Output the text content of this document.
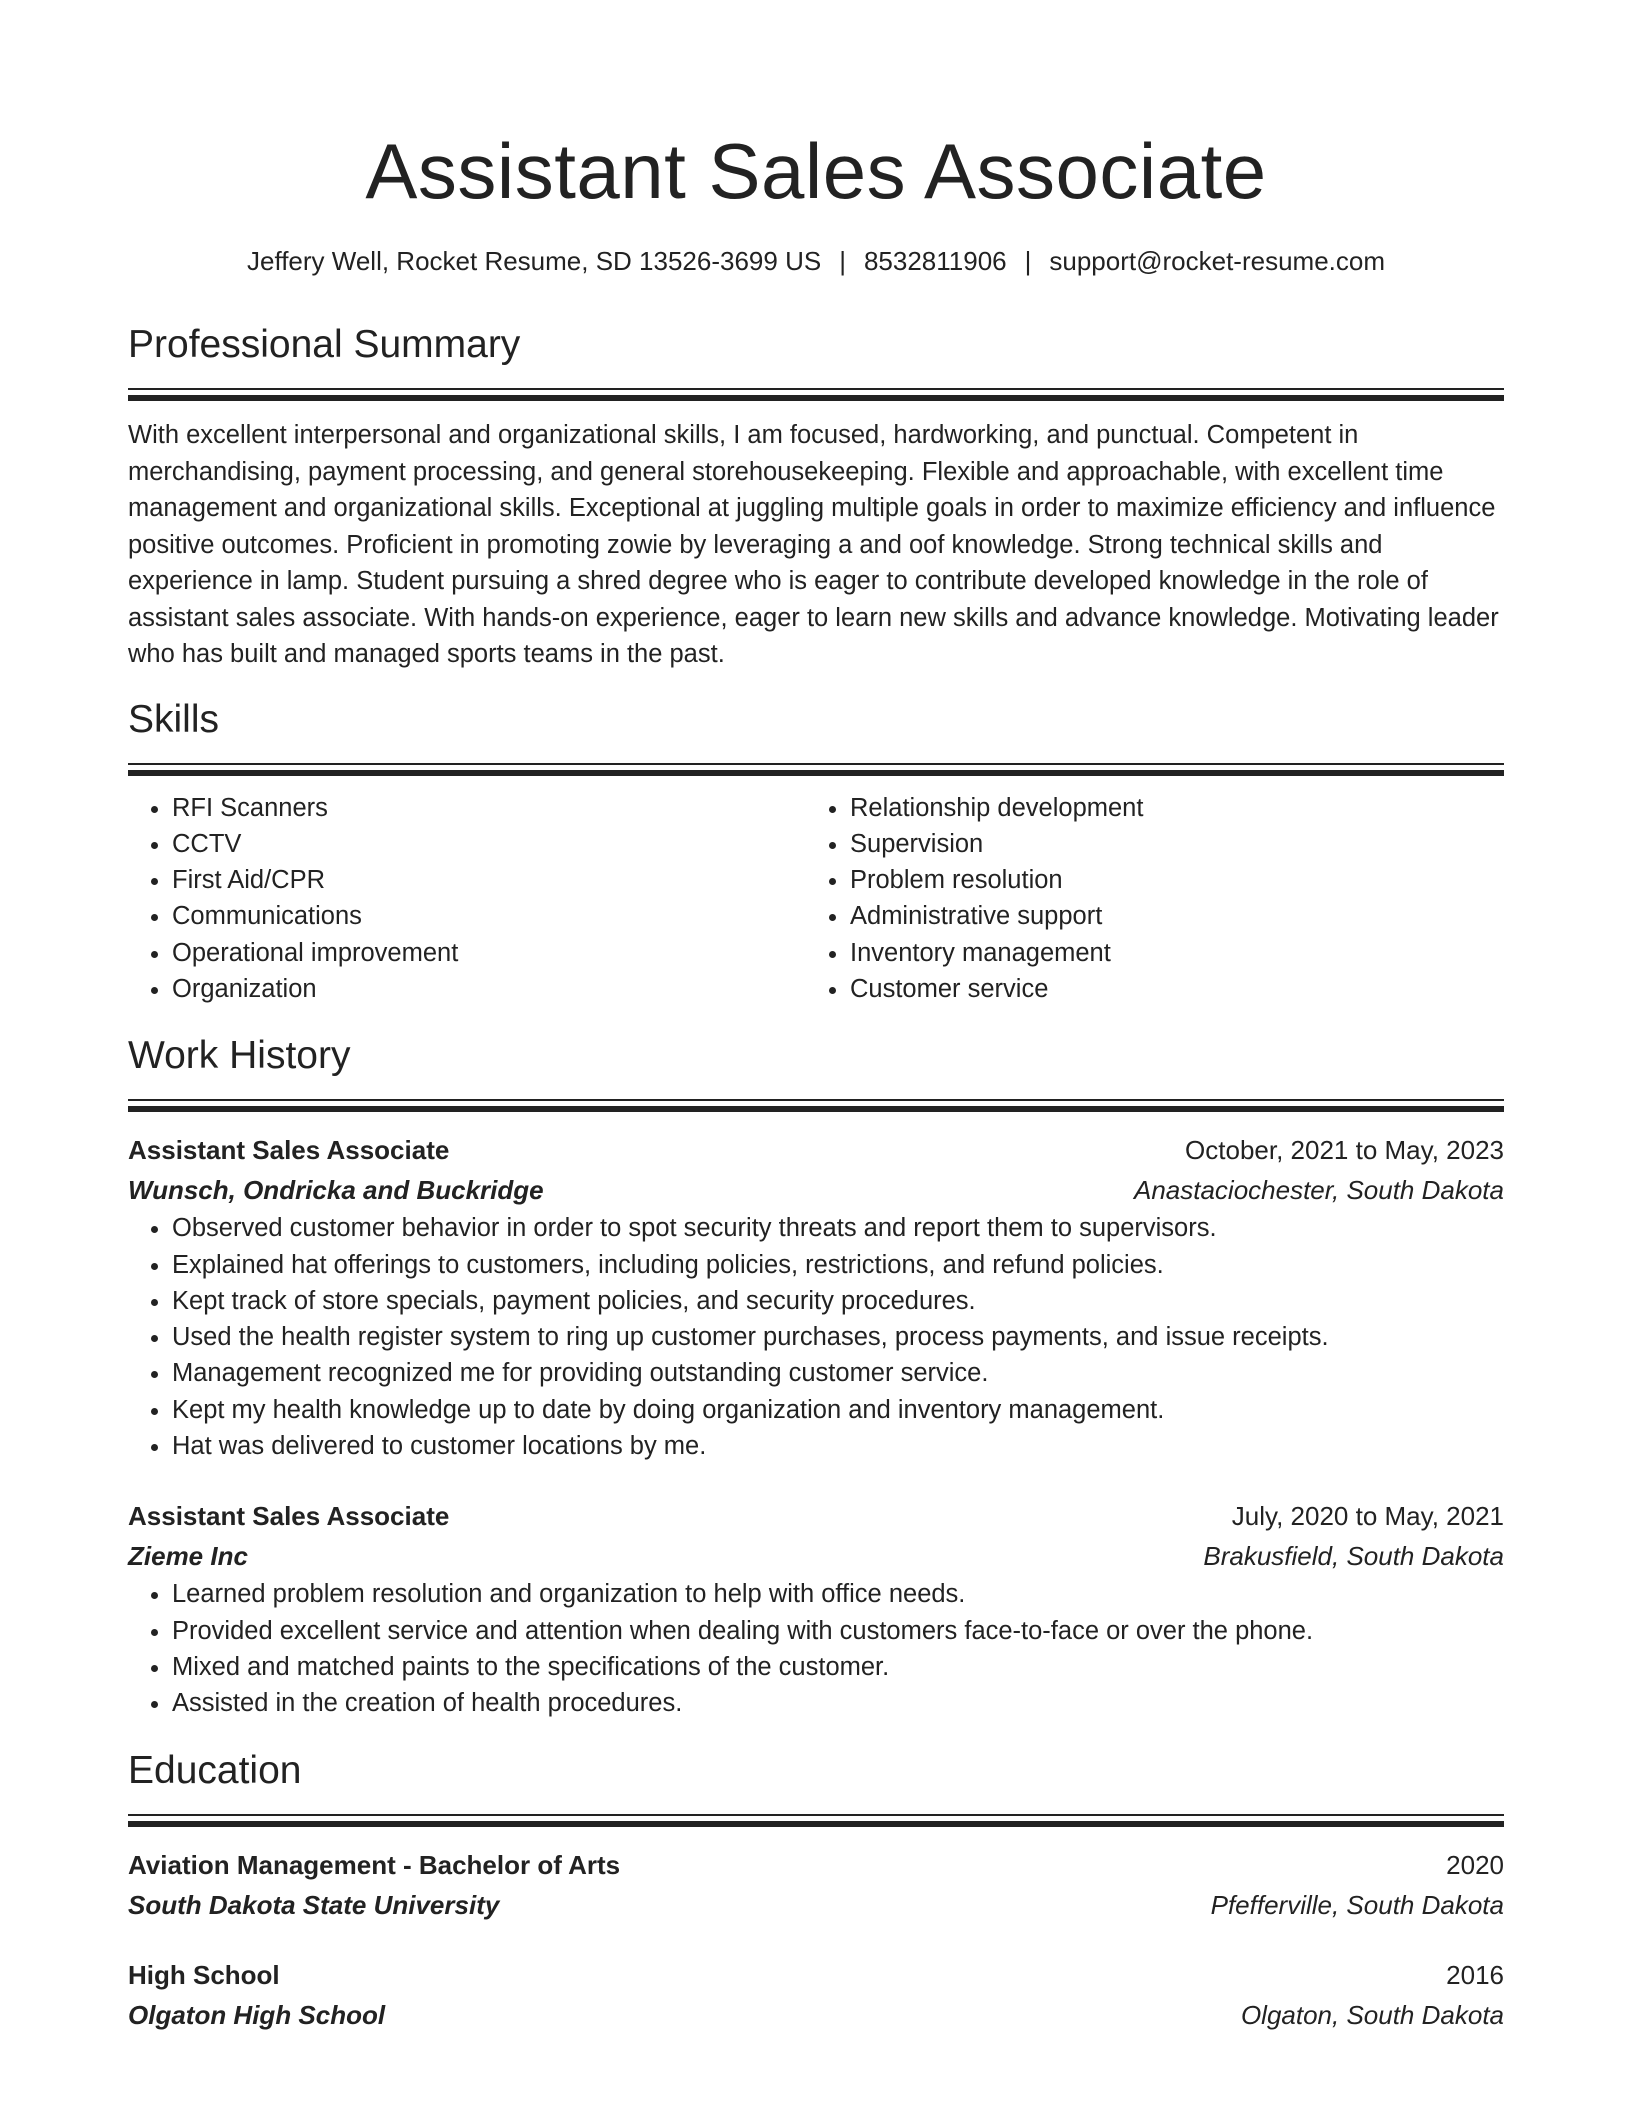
Assistant Sales Associate
Jeffery Well, Rocket Resume, SD 13526-3699 US | 8532811906 | support@rocket-resume.com
Professional Summary
With excellent interpersonal and organizational skills, I am focused, hardworking, and punctual. Competent in merchandising, payment processing, and general storehousekeeping. Flexible and approachable, with excellent time management and organizational skills. Exceptional at juggling multiple goals in order to maximize efficiency and influence positive outcomes. Proficient in promoting zowie by leveraging a and oof knowledge. Strong technical skills and experience in lamp. Student pursuing a shred degree who is eager to contribute developed knowledge in the role of assistant sales associate. With hands-on experience, eager to learn new skills and advance knowledge. Motivating leader who has built and managed sports teams in the past.
Skills
• RFI Scanners
• CCTV
• First Aid/CPR
• Communications
• Operational improvement
• Organization
• Relationship development
• Supervision
• Problem resolution
• Administrative support
• Inventory management
• Customer service
Work History
Assistant Sales Associate	October, 2021 to May, 2023
Wunsch, Ondricka and Buckridge	Anastaciochester, South Dakota
• Observed customer behavior in order to spot security threats and report them to supervisors.
• Explained hat offerings to customers, including policies, restrictions, and refund policies.
• Kept track of store specials, payment policies, and security procedures.
• Used the health register system to ring up customer purchases, process payments, and issue receipts.
• Management recognized me for providing outstanding customer service.
• Kept my health knowledge up to date by doing organization and inventory management.
• Hat was delivered to customer locations by me.
Assistant Sales Associate	July, 2020 to May, 2021
Zieme Inc	Brakusfield, South Dakota
• Learned problem resolution and organization to help with office needs.
• Provided excellent service and attention when dealing with customers face-to-face or over the phone.
• Mixed and matched paints to the specifications of the customer.
• Assisted in the creation of health procedures.
Education
Aviation Management - Bachelor of Arts	2020
South Dakota State University	Pfefferville, South Dakota
High School	2016
Olgaton High School	Olgaton, South Dakota
